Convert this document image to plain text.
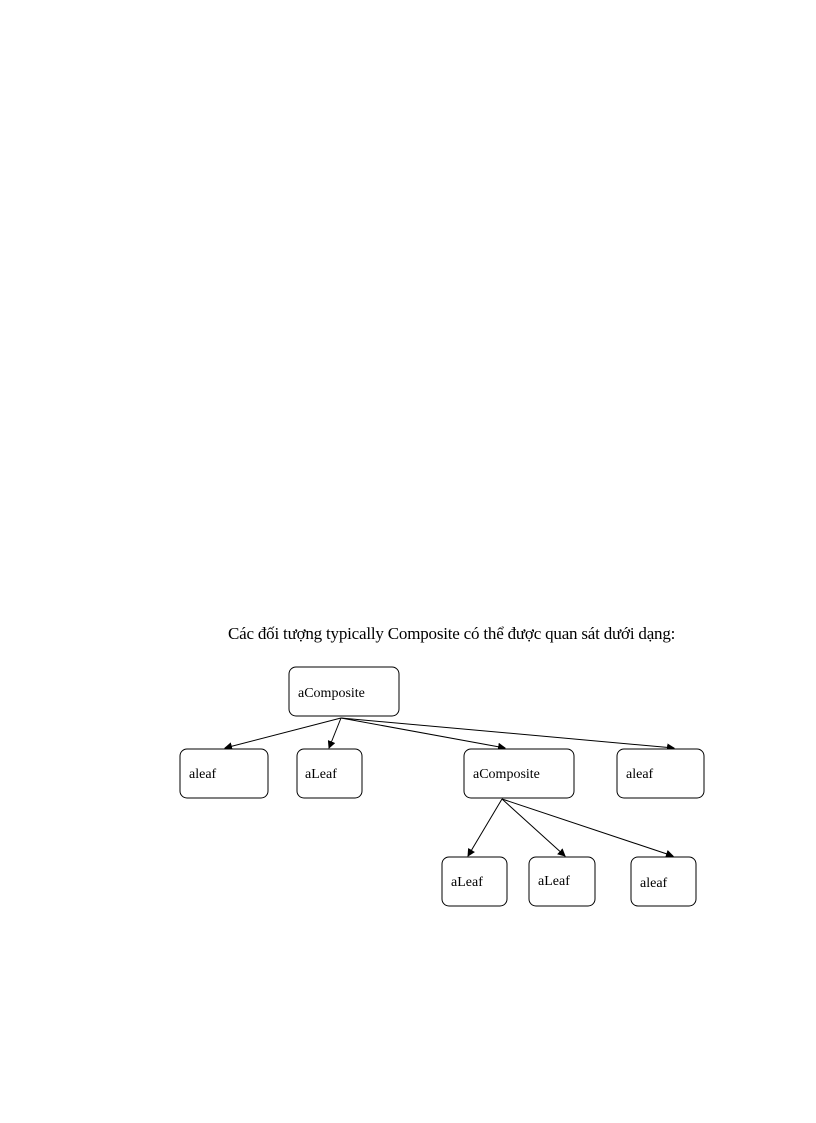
Các đối tượng typically Composite có thể được quan sát dưới dạng:
aComposite
aleaf	aLeaf	aComposite	aleaf
aLeaf	aLeaf	aleaf
